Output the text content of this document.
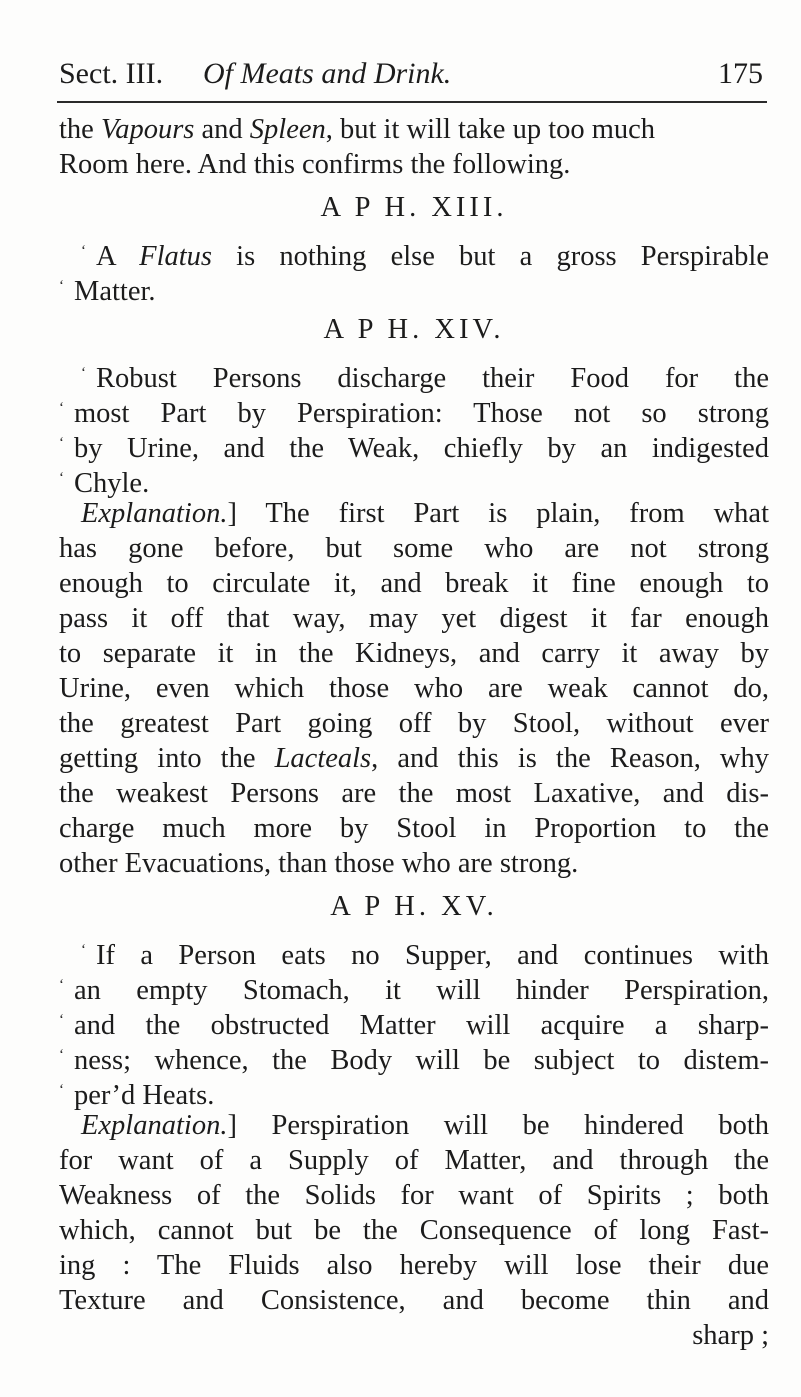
Sect. III. Of Meats and Drink.	175
the Vapours and Spleen, but it will take up too much
Room here. And this confirms the following.
A P H. XIII.
‘ A Flatus is nothing else but a gross Perspirable
‘ Matter.
A P H. XIV.
‘ Robust Persons discharge their Food for the
‘ most Part by Perspiration: Those not so strong
‘ by Urine, and the Weak, chiefly by an indigested
‘ Chyle.
Explanation.] The first Part is plain, from what
has gone before, but some who are not strong
enough to circulate it, and break it fine enough to
pass it off that way, may yet digest it far enough
to separate it in the Kidneys, and carry it away by
Urine, even which those who are weak cannot do,
the greatest Part going off by Stool, without ever
getting into the Lacteals, and this is the Reason, why
the weakest Persons are the most Laxative, and dis-
charge much more by Stool in Proportion to the
other Evacuations, than those who are strong.
A P H. XV.
‘ If a Person eats no Supper, and continues with
‘ an empty Stomach, it will hinder Perspiration,
‘ and the obstructed Matter will acquire a sharp-
‘ ness; whence, the Body will be subject to distem-
‘ per’d Heats.
Explanation.] Perspiration will be hindered both
for want of a Supply of Matter, and through the
Weakness of the Solids for want of Spirits ; both
which, cannot but be the Consequence of long Fast-
ing : The Fluids also hereby will lose their due
Texture and Consistence, and become thin and
sharp ;
